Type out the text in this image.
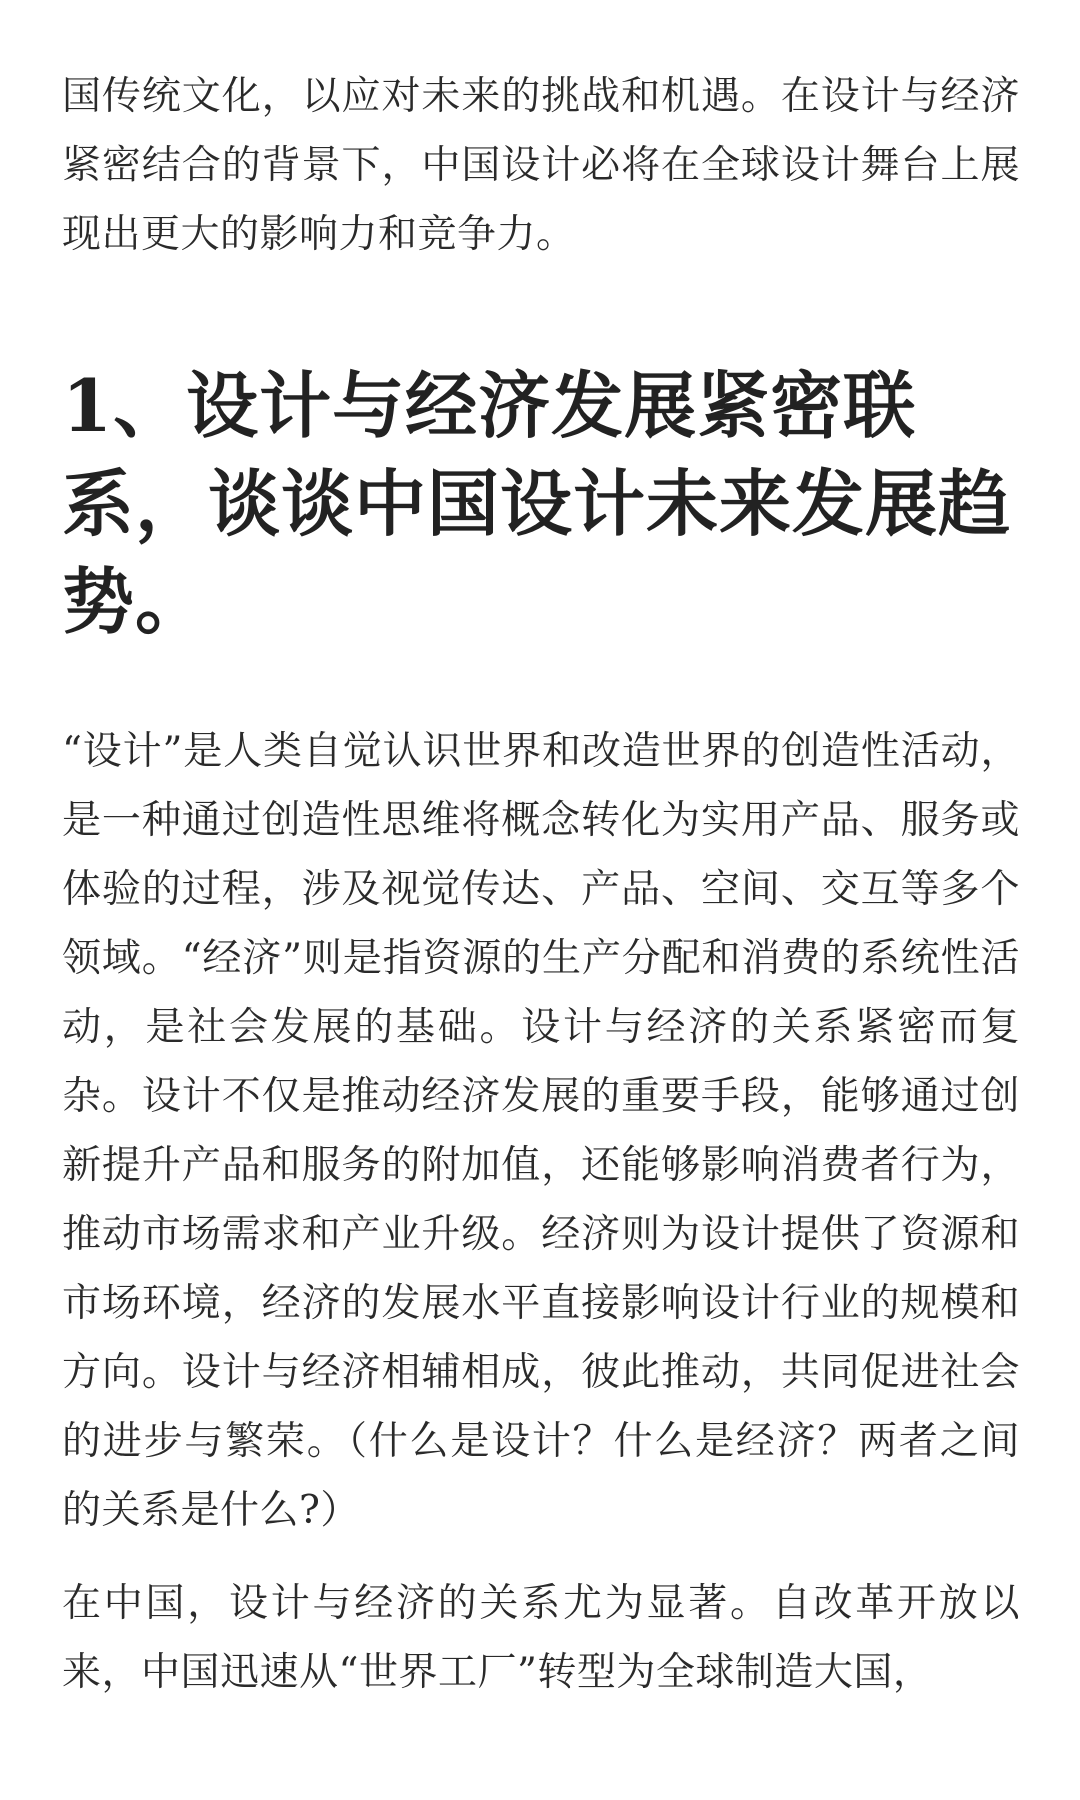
国传统文化，以应对未来的挑战和机遇。在设计与经济紧密结合的背景下，中国设计必将在全球设计舞台上展现出更大的影响力和竞争力。

1、设计与经济发展紧密联系，谈谈中国设计未来发展趋势。

“设计”是人类自觉认识世界和改造世界的创造性活动，是一种通过创造性思维将概念转化为实用产品、服务或体验的过程，涉及视觉传达、产品、空间、交互等多个领域。“经济”则是指资源的生产分配和消费的系统性活动，是社会发展的基础。设计与经济的关系紧密而复杂。设计不仅是推动经济发展的重要手段，能够通过创新提升产品和服务的附加值，还能够影响消费者行为，推动市场需求和产业升级。经济则为设计提供了资源和市场环境，经济的发展水平直接影响设计行业的规模和方向。设计与经济相辅相成，彼此推动，共同促进社会的进步与繁荣。（什么是设计？什么是经济？两者之间的关系是什么?）

在中国，设计与经济的关系尤为显著。自改革开放以来，中国迅速从“世界工厂”转型为全球制造大国，
